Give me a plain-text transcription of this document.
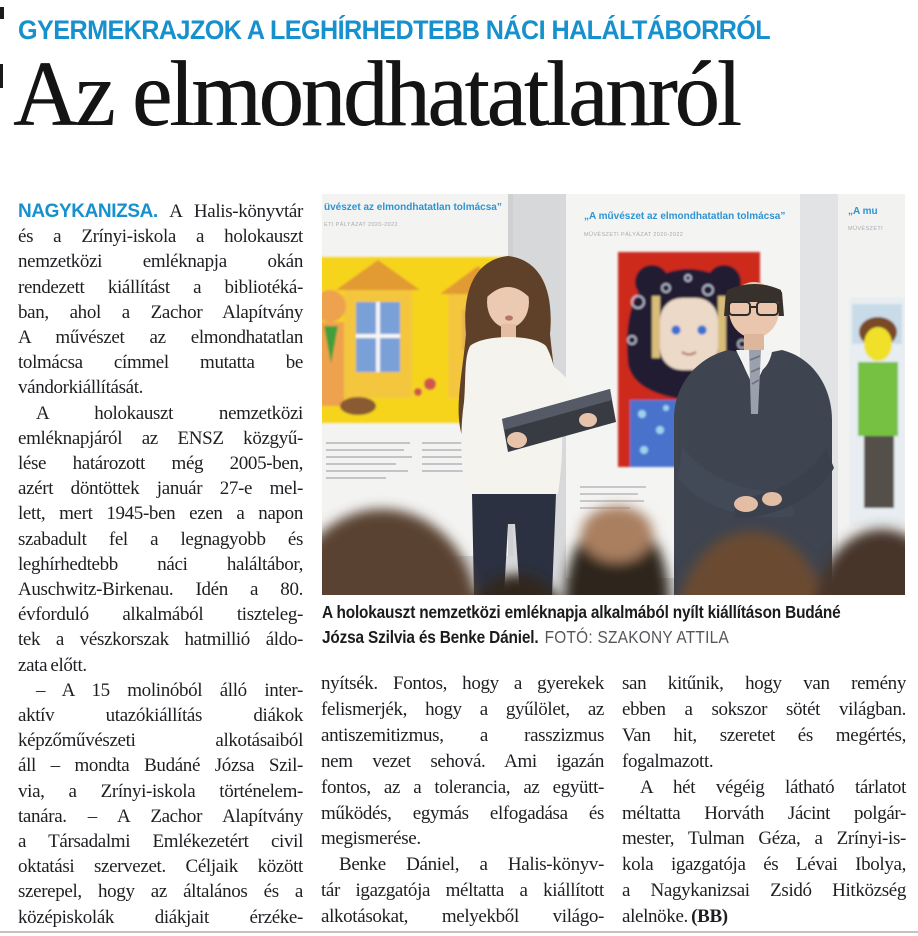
GYERMEKRAJZOK A LEGHÍRHEDTEBB NÁCI HALÁLTÁBORRÓL
Az elmondhatatlanról
üvészet az elmondhatatlan tolmácsa”
ETI PÁLYÁZAT 2020-2022
„A művészet az elmondhatatlan tolmácsa”
MŰVÉSZETI PÁLYÁZAT 2020-2022
„A mu
MŰVÉSZETI
A holokauszt nemzetközi emléknapja alkalmából nyílt kiállításon Budáné
Józsa Szilvia és Benke Dániel. FOTÓ: SZAKONY ATTILA
NAGYKANIZSA. A Halis-könyvtár
és a Zrínyi-iskola a holokauszt
nemzetközi emléknapja okán
rendezett kiállítást a bibliotéká-
ban, ahol a Zachor Alapítvány
A művészet az elmondhatatlan
tolmácsa címmel mutatta be
vándorkiállítását.
A holokauszt nemzetközi
emléknapjáról az ENSZ közgyű-
lése határozott még 2005-ben,
azért döntöttek január 27-e mel-
lett, mert 1945-ben ezen a napon
szabadult fel a legnagyobb és
leghírhedtebb náci haláltábor,
Auschwitz-Birkenau. Idén a 80.
évforduló alkalmából tiszteleg-
tek a vészkorszak hatmillió áldo-
zata előtt.
– A 15 molinóból álló inter-
aktív utazókiállítás diákok
képzőművészeti alkotásaiból
áll – mondta Budáné Józsa Szil-
via, a Zrínyi-iskola történelem-
tanára. – A Zachor Alapítvány
a Társadalmi Emlékezetért civil
oktatási szervezet. Céljaik között
szerepel, hogy az általános és a
középiskolák diákjait érzéke-
nyítsék. Fontos, hogy a gyerekek
felismerjék, hogy a gyűlölet, az
antiszemitizmus, a rasszizmus
nem vezet sehová. Ami igazán
fontos, az a tolerancia, az együtt-
működés, egymás elfogadása és
megismerése.
Benke Dániel, a Halis-könyv-
tár igazgatója méltatta a kiállított
alkotásokat, melyekből világo-
san kitűnik, hogy van remény
ebben a sokszor sötét világban.
Van hit, szeretet és megértés,
fogalmazott.
A hét végéig látható tárlatot
méltatta Horváth Jácint polgár-
mester, Tulman Géza, a Zrínyi-is-
kola igazgatója és Lévai Ibolya,
a Nagykanizsai Zsidó Hitközség
alelnöke. (BB)
